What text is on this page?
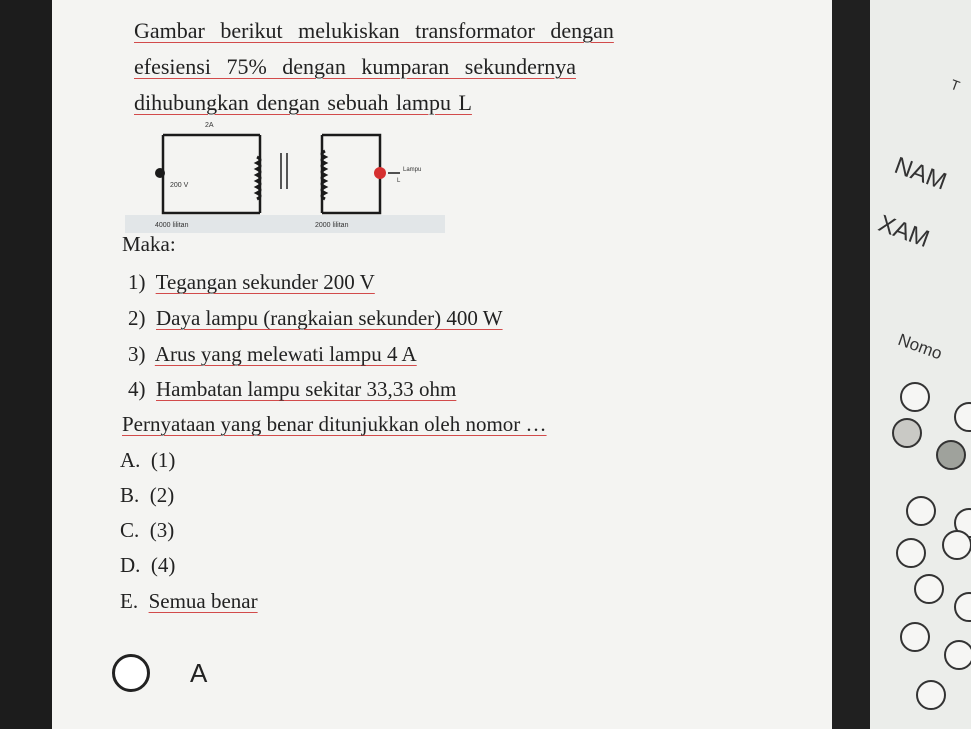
Gambar berikut melukiskan transformator dengan
efesiensi 75% dengan kumparan sekundernya
dihubungkan dengan sebuah lampu L
2A
200 V
Lampu
L
4000 lilitan	2000 lilitan
Maka:
1) Tegangan sekunder 200 V
2) Daya lampu (rangkaian sekunder) 400 W
3) Arus yang melewati lampu 4 A
4) Hambatan lampu sekitar 33,33 ohm
Pernyataan yang benar ditunjukkan oleh nomor …
A. (1)
B. (2)
C. (3)
D. (4)
E. Semua benar
A
NAM
XAM
Nomo
T
